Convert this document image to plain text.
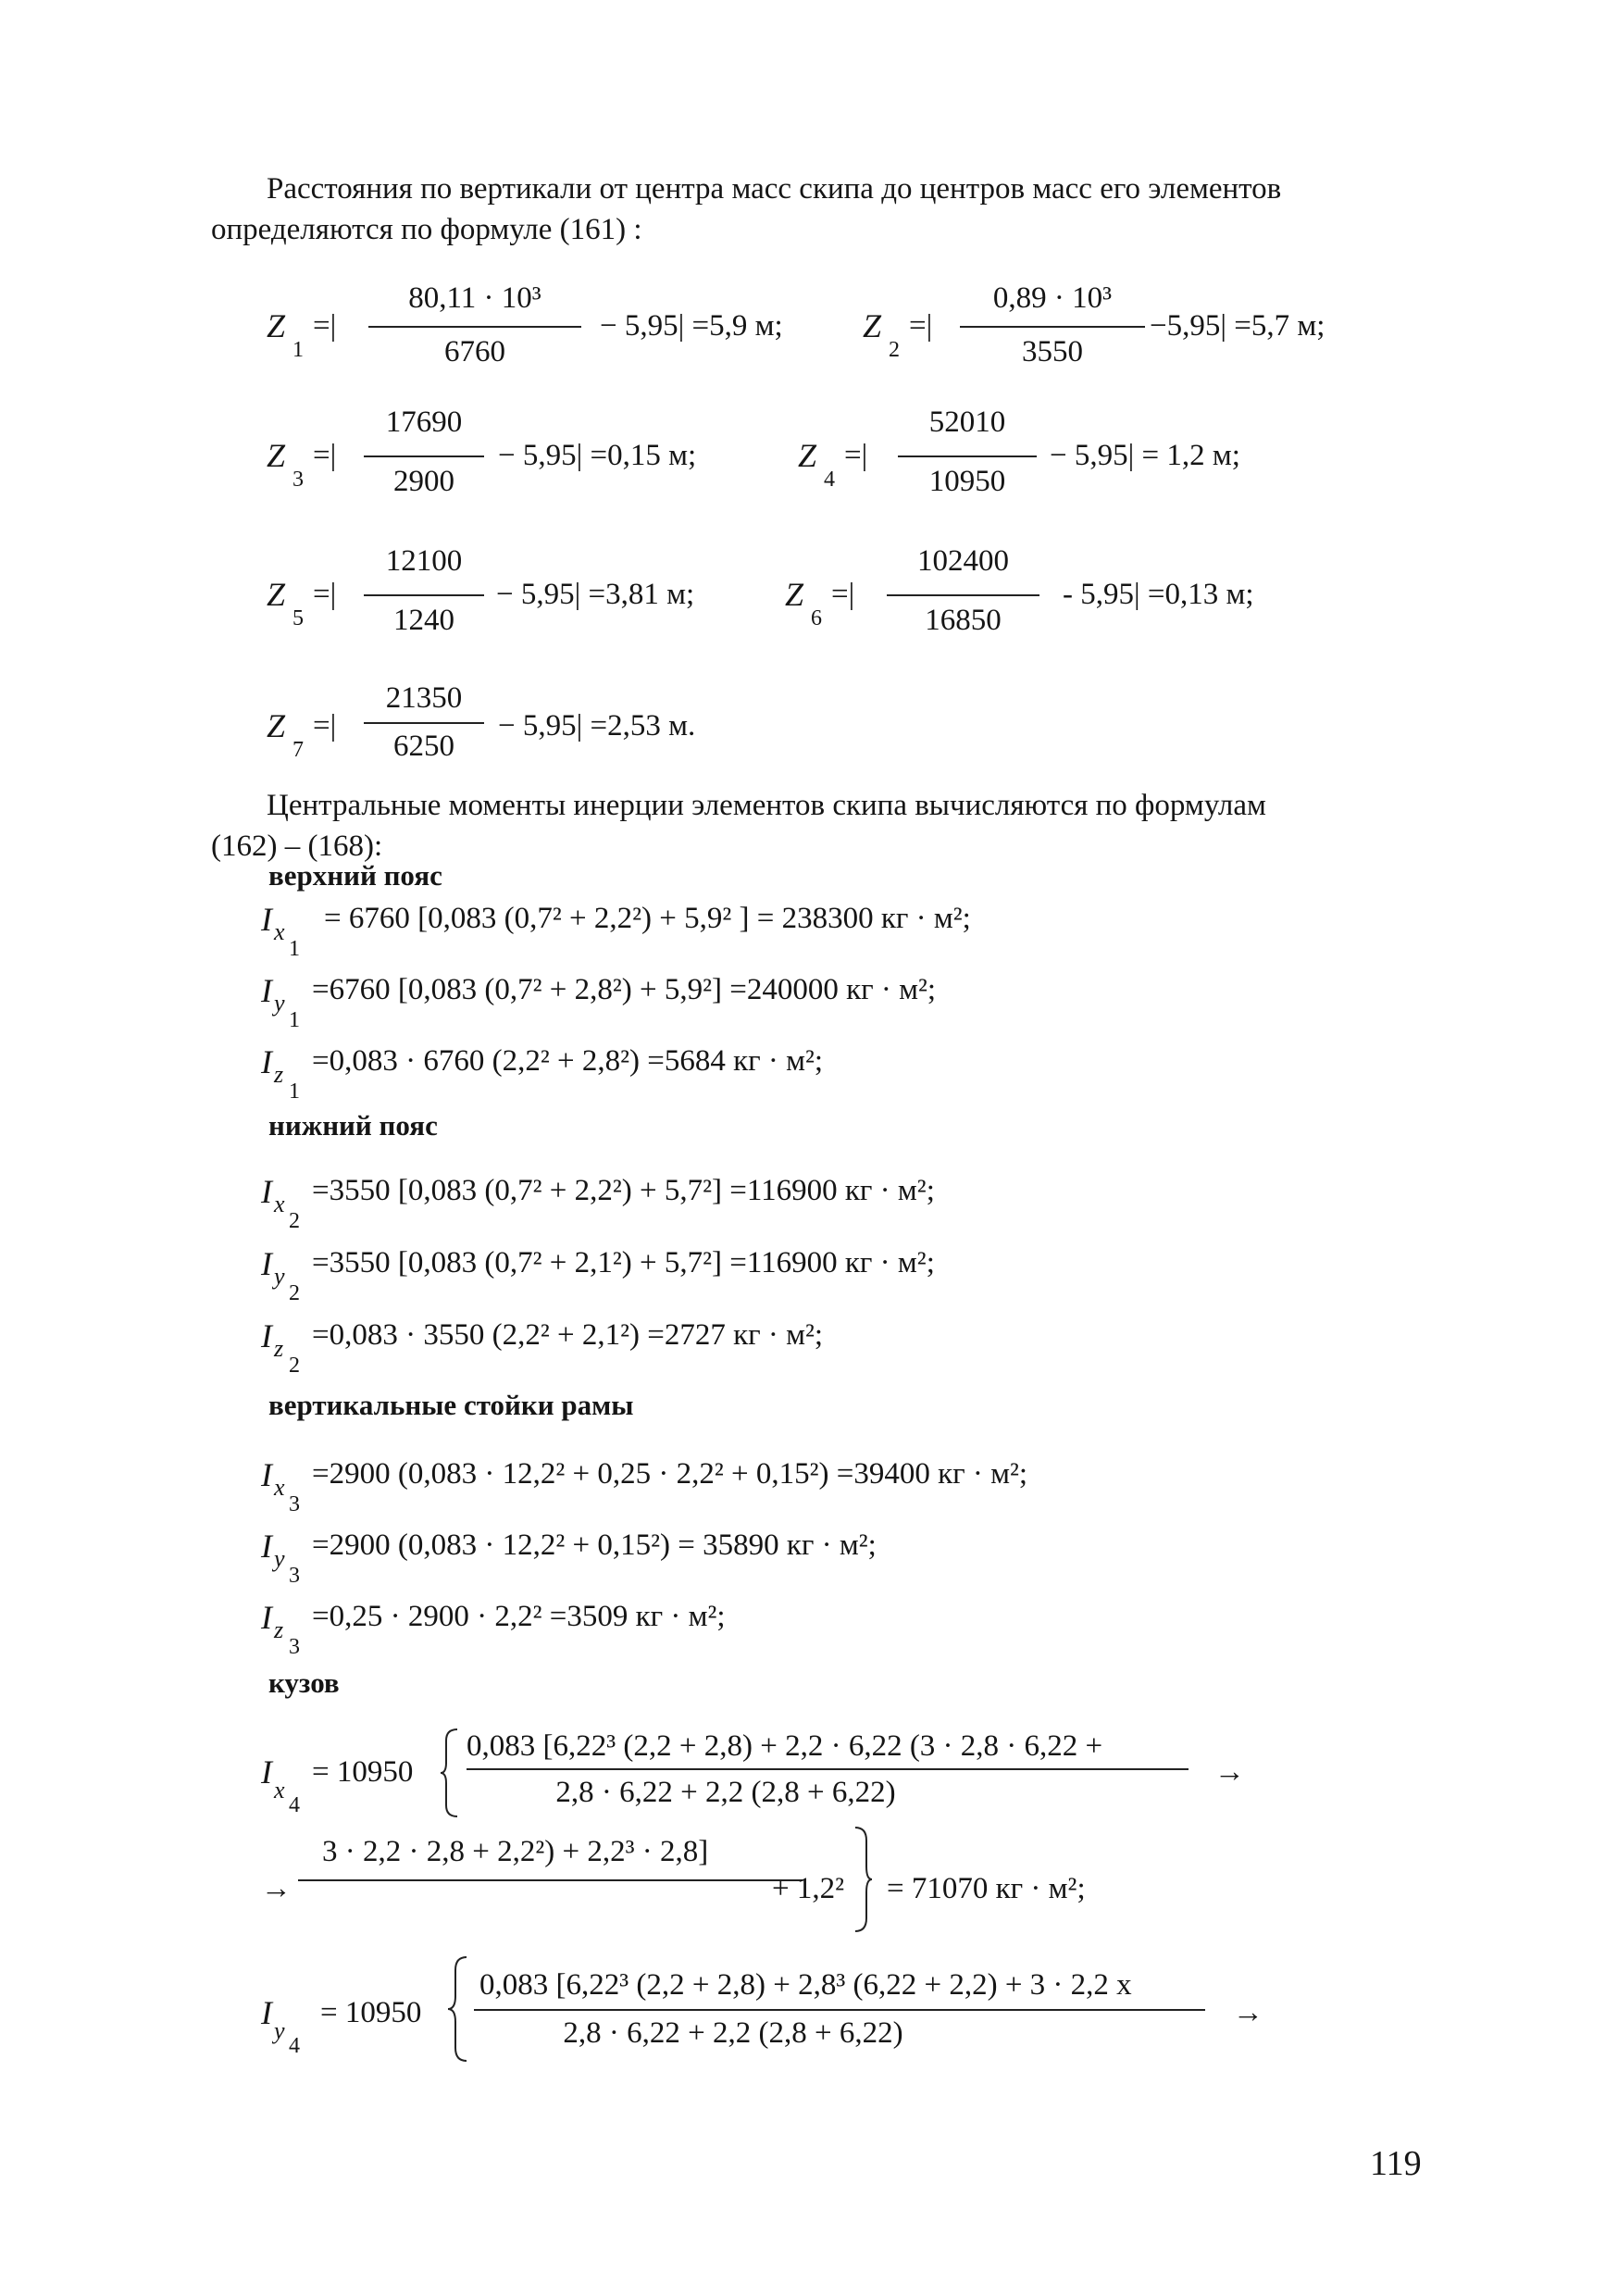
Расстояния по вертикали от центра масс скипа до центров масс его элементов
определяются по формуле (161) :
Z
1
=|
80,11 · 10³
6760
− 5,95| =5,9 м; Z
2
=|
0,89 · 10³
3550
−5,95| =5,7 м;
Z
3
=|
17690
2900
− 5,95| =0,15 м;	Z
4
=|
52010
10950
− 5,95| = 1,2 м;
Z
5
=|
12100
1240
− 5,95| =3,81 м;	Z
6
=|
102400
16850
- 5,95| =0,13 м;
Z
7
=|
21350
6250
− 5,95| =2,53 м.
Центральные моменты инерции элементов скипа вычисляются по формулам
(162) – (168):
верхний пояс
I x
1
= 6760 [0,083 (0,7² + 2,2²) + 5,9² ] = 238300 кг · м²;
I y
1
=6760 [0,083 (0,7² + 2,8²) + 5,9²] =240000 кг · м²;
I z
1
=0,083 · 6760 (2,2² + 2,8²) =5684 кг · м²;
нижний пояс
I x
2
=3550 [0,083 (0,7² + 2,2²) + 5,7²] =116900 кг · м²;
I y
2
=3550 [0,083 (0,7² + 2,1²) + 5,7²] =116900 кг · м²;
I z
2
=0,083 · 3550 (2,2² + 2,1²) =2727 кг · м²;
вертикальные стойки рамы
I x
3
=2900 (0,083 · 12,2² + 0,25 · 2,2² + 0,15²) =39400 кг · м²;
I y
3
=2900 (0,083 · 12,2² + 0,15²) = 35890 кг · м²;
I z
3
=0,25 · 2900 · 2,2² =3509 кг · м²;
кузов
I x
4
= 10950
0,083 [6,22³ (2,2 + 2,8) + 2,2 · 6,22 (3 · 2,8 · 6,22 +
2,8 · 6,22 + 2,2 (2,8 + 6,22)
→
→
3 · 2,2 · 2,8 + 2,2²) + 2,2³ · 2,8]
+ 1,2² = 71070 кг · м²;
I y
4
= 10950
0,083 [6,22³ (2,2 + 2,8) + 2,8³ (6,22 + 2,2) + 3 · 2,2 x
2,8 · 6,22 + 2,2 (2,8 + 6,22)
→
119
